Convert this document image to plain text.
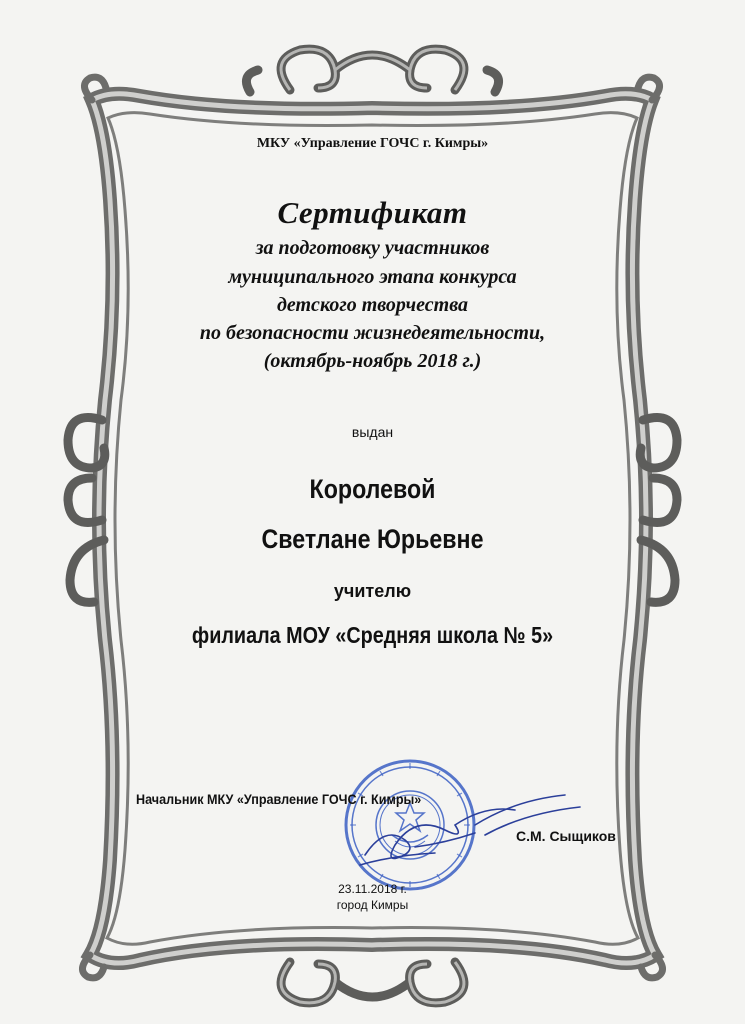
МКУ «Управление ГОЧС г. Кимры»
Сертификат
за подготовку участников
муниципального этапа конкурса
детского творчества
по безопасности жизнедеятельности,
(октябрь-ноябрь 2018 г.)
выдан
Королевой
Светлане Юрьевне
учителю
филиала МОУ «Средняя школа № 5»
Начальник МКУ «Управление ГОЧС г. Кимры»
С.М. Сыщиков
23.11.2018 г.
город Кимры
